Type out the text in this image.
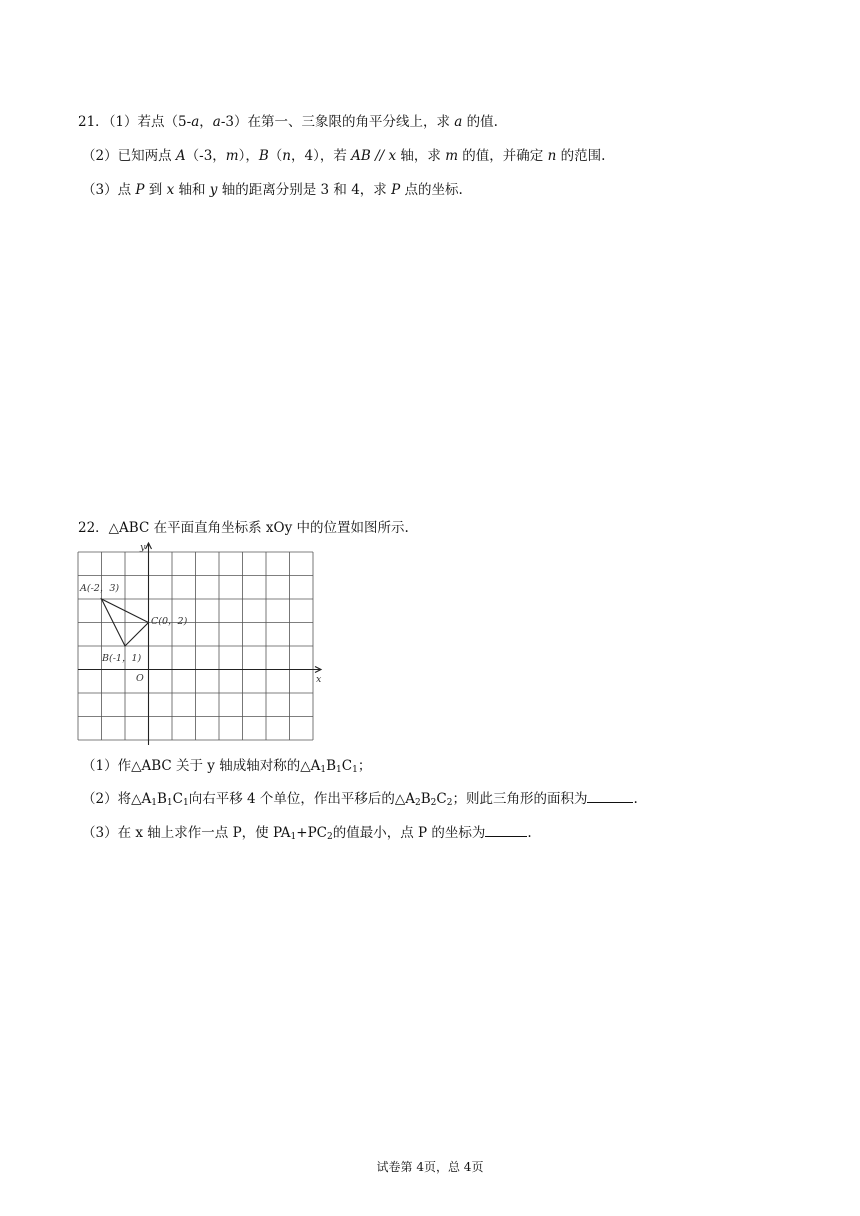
21．（1）若点（5-a，a-3）在第一、三象限的角平分线上，求 a 的值.
（2）已知两点 A（-3，m），B（n，4），若 AB // x 轴，求 m 的值，并确定 n 的范围.
（3）点 P 到 x 轴和 y 轴的距离分别是 3 和 4，求 P 点的坐标.
22．△ABC 在平面直角坐标系 xOy 中的位置如图所示.
A(-2，3)
B(-1，1)
C(0，2)
O	x
y
（1）作△ABC 关于 y 轴成轴对称的$\triangle A_1B_1C_1$；
（2）将$\triangle A_1B_1C_1$向右平移 4 个单位，作出平移后的$\triangle A_2B_2C_2$；则此三角形的面积为	.
（3）在 x 轴上求作一点 P，使 $PA_1+PC_2$的值最小，点 P 的坐标为	.
试卷第 4页，总 4页
